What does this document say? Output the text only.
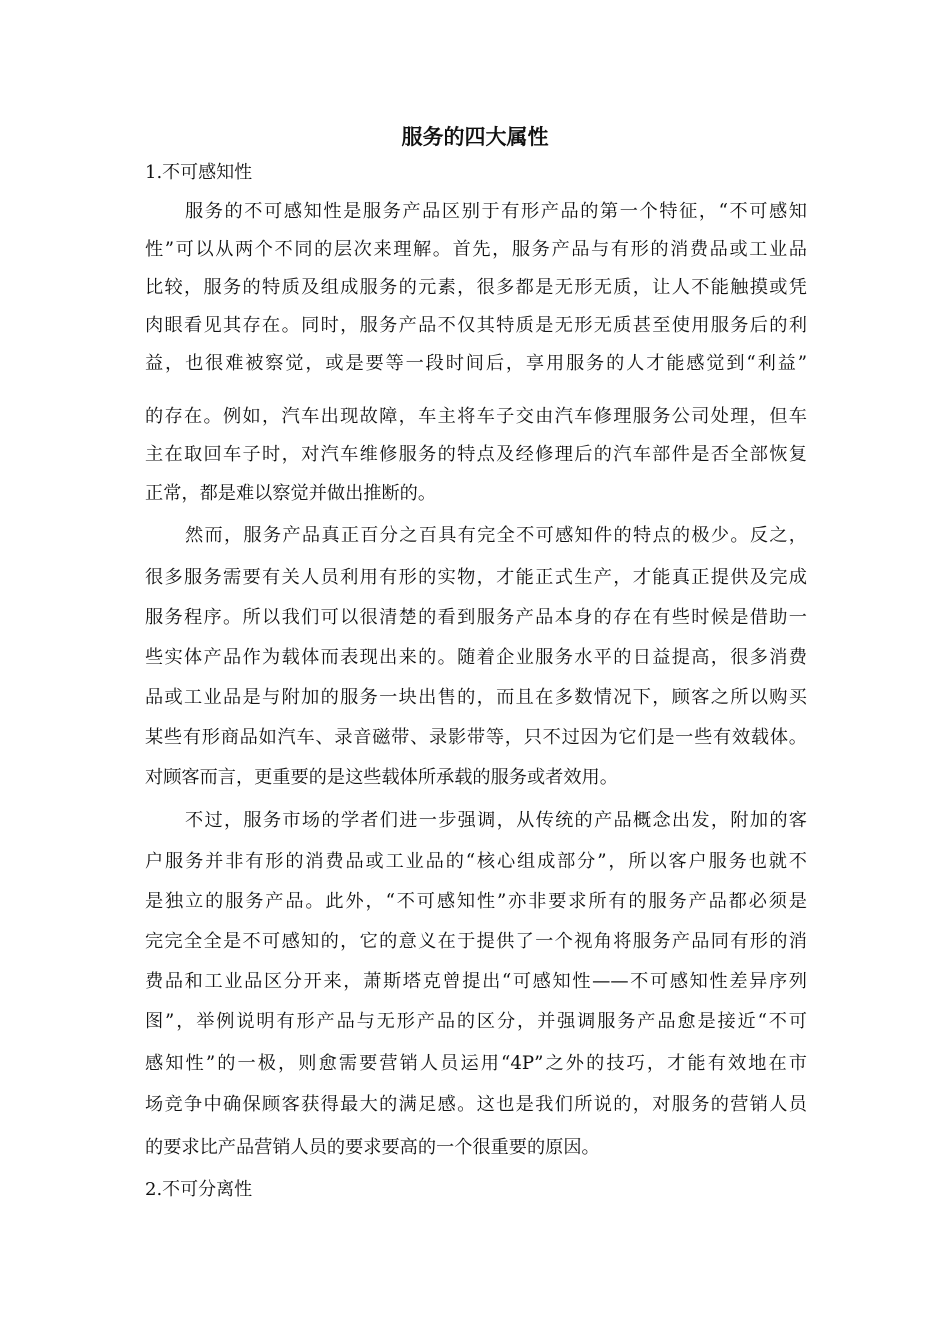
服务的四大属性

1.不可感知性

服务的不可感知性是服务产品区别于有形产品的第一个特征，“不可感知

性”可以从两个不同的层次来理解。首先，服务产品与有形的消费品或工业品

比较，服务的特质及组成服务的元素，很多都是无形无质，让人不能触摸或凭

肉眼看见其存在。同时，服务产品不仅其特质是无形无质甚至使用服务后的利

益，也很难被察觉，或是要等一段时间后，享用服务的人才能感觉到“利益”

的存在。例如，汽车出现故障，车主将车子交由汽车修理服务公司处理，但车

主在取回车子时，对汽车维修服务的特点及经修理后的汽车部件是否全部恢复

正常，都是难以察觉并做出推断的。

然而，服务产品真正百分之百具有完全不可感知件的特点的极少。反之，

很多服务需要有关人员利用有形的实物，才能正式生产，才能真正提供及完成

服务程序。所以我们可以很清楚的看到服务产品本身的存在有些时候是借助一

些实体产品作为载体而表现出来的。随着企业服务水平的日益提高，很多消费

品或工业品是与附加的服务一块出售的，而且在多数情况下，顾客之所以购买

某些有形商品如汽车、录音磁带、录影带等，只不过因为它们是一些有效载体。

对顾客而言，更重要的是这些载体所承载的服务或者效用。

不过，服务市场的学者们进一步强调，从传统的产品概念出发，附加的客

户服务并非有形的消费品或工业品的“核心组成部分”，所以客户服务也就不

是独立的服务产品。此外，“不可感知性”亦非要求所有的服务产品都必须是

完完全全是不可感知的，它的意义在于提供了一个视角将服务产品同有形的消

费品和工业品区分开来，萧斯塔克曾提出“可感知性——不可感知性差异序列

图”，举例说明有形产品与无形产品的区分，并强调服务产品愈是接近“不可

感知性”的一极，则愈需要营销人员运用“4P”之外的技巧，才能有效地在市

场竞争中确保顾客获得最大的满足感。这也是我们所说的，对服务的营销人员

的要求比产品营销人员的要求要高的一个很重要的原因。

2.不可分离性
